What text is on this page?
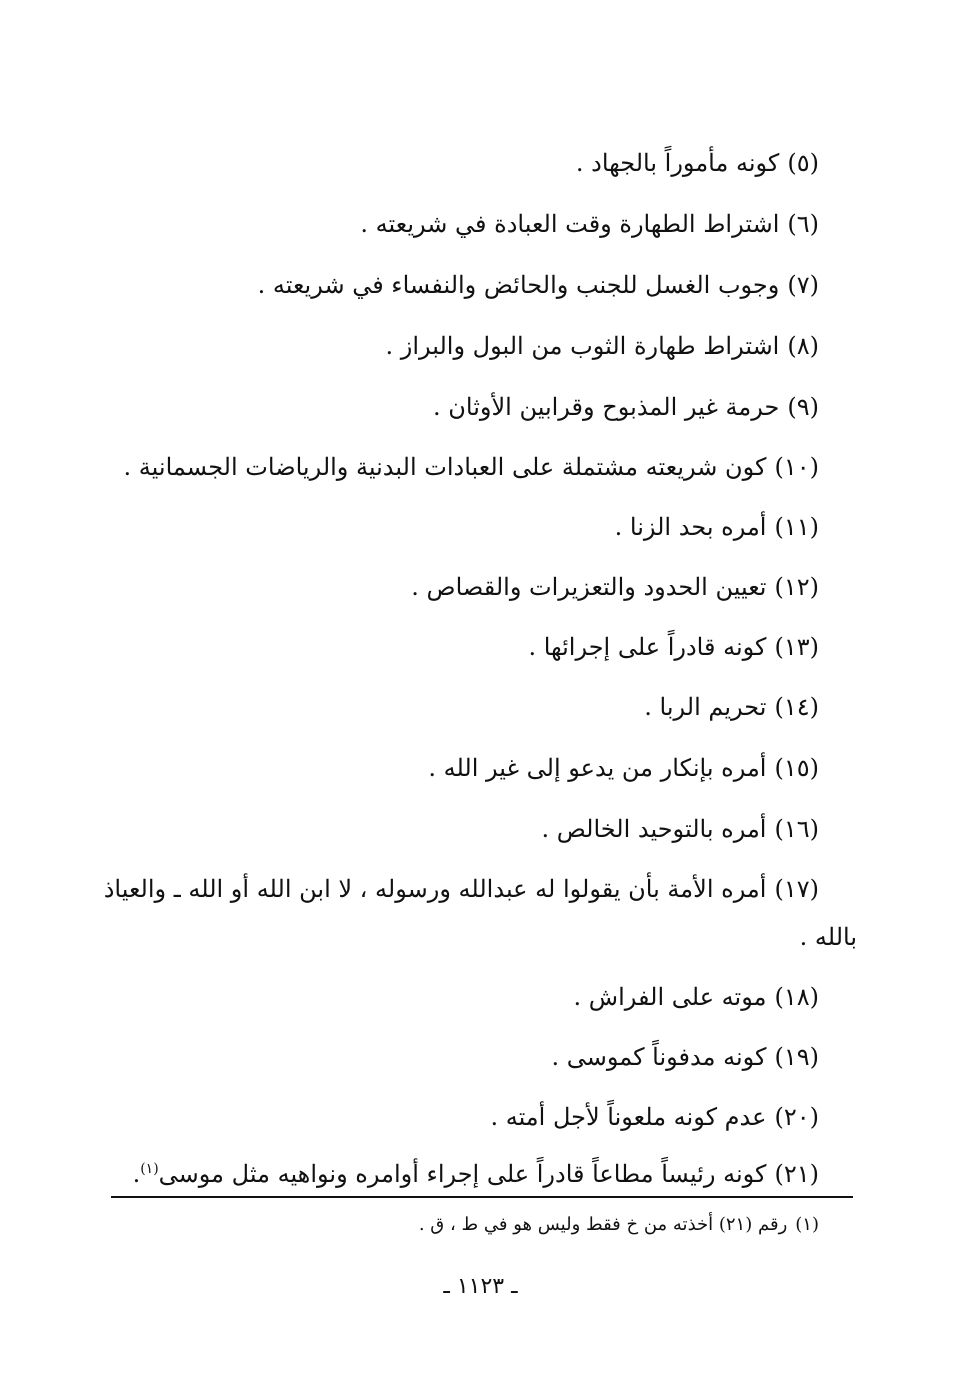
(٥)كونه مأموراً بالجهاد .
(٦)اشتراط الطهارة وقت العبادة في شريعته .
(٧)وجوب الغسل للجنب والحائض والنفساء في شريعته .
(٨)اشتراط طهارة الثوب من البول والبراز .
(٩)حرمة غير المذبوح وقرابين الأوثان .
(١٠)كون شريعته مشتملة على العبادات البدنية والرياضات الجسمانية .
(١١)أمره بحد الزنا .
(١٢)تعيين الحدود والتعزيرات والقصاص .
(١٣)كونه قادراً على إجرائها .
(١٤)تحريم الربا .
(١٥)أمره بإنكار من يدعو إلى غير الله .
(١٦)أمره بالتوحيد الخالص .
(١٧)أمره الأمة بأن يقولوا له عبدالله ورسوله ، لا ابن الله أو الله ـ والعياذ
بالله .
(١٨)موته على الفراش .
(١٩)كونه مدفوناً كموسى .
(٢٠)عدم كونه ملعوناً لأجل أمته .
(٢١)كونه رئيساً مطاعاً قادراً على إجراء أوامره ونواهيه مثل موسى$^{(١)}$.
(١)رقم (٢١) أخذته من خ فقط وليس هو في ط ، ق .
ـ ١١٢٣ ـ
